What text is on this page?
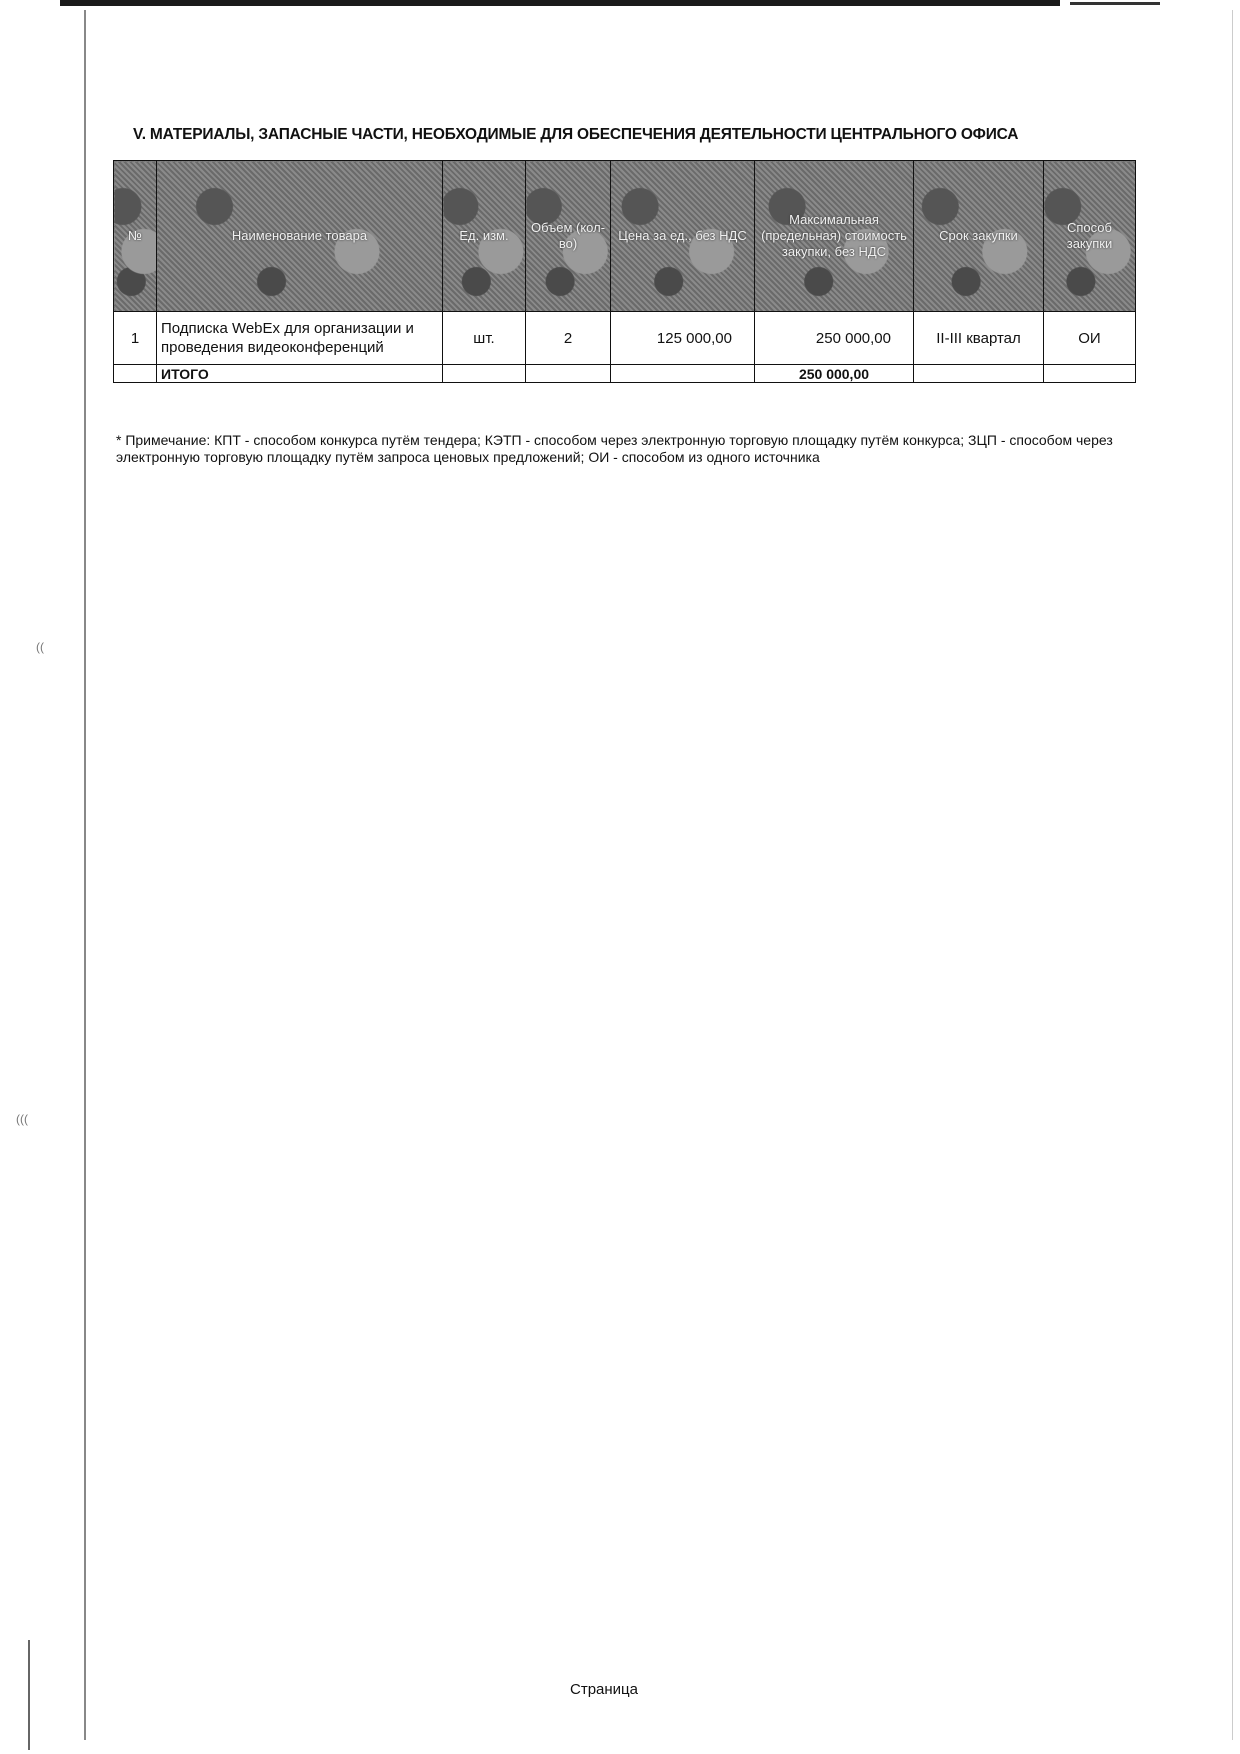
((
(((
V. МАТЕРИАЛЫ, ЗАПАСНЫЕ ЧАСТИ, НЕОБХОДИМЫЕ ДЛЯ ОБЕСПЕЧЕНИЯ ДЕЯТЕЛЬНОСТИ ЦЕНТРАЛЬНОГО ОФИСА
№	Наименование товара	Ед. изм.	Объем (кол-во)	Цена за ед., без НДС	Максимальная (предельная) стоимость закупки, без НДС	Срок закупки	Способ закупки
1	Подписка WebEx для организации и проведения видеоконференций	шт.	2	125 000,00	250 000,00	II-III квартал	ОИ
	ИТОГО				250 000,00		
* Примечание: КПТ - способом конкурса путём тендера; КЭТП - способом через электронную торговую площадку путём конкурса; ЗЦП - способом через электронную торговую площадку путём запроса ценовых предложений; ОИ - способом из одного источника
Страница
